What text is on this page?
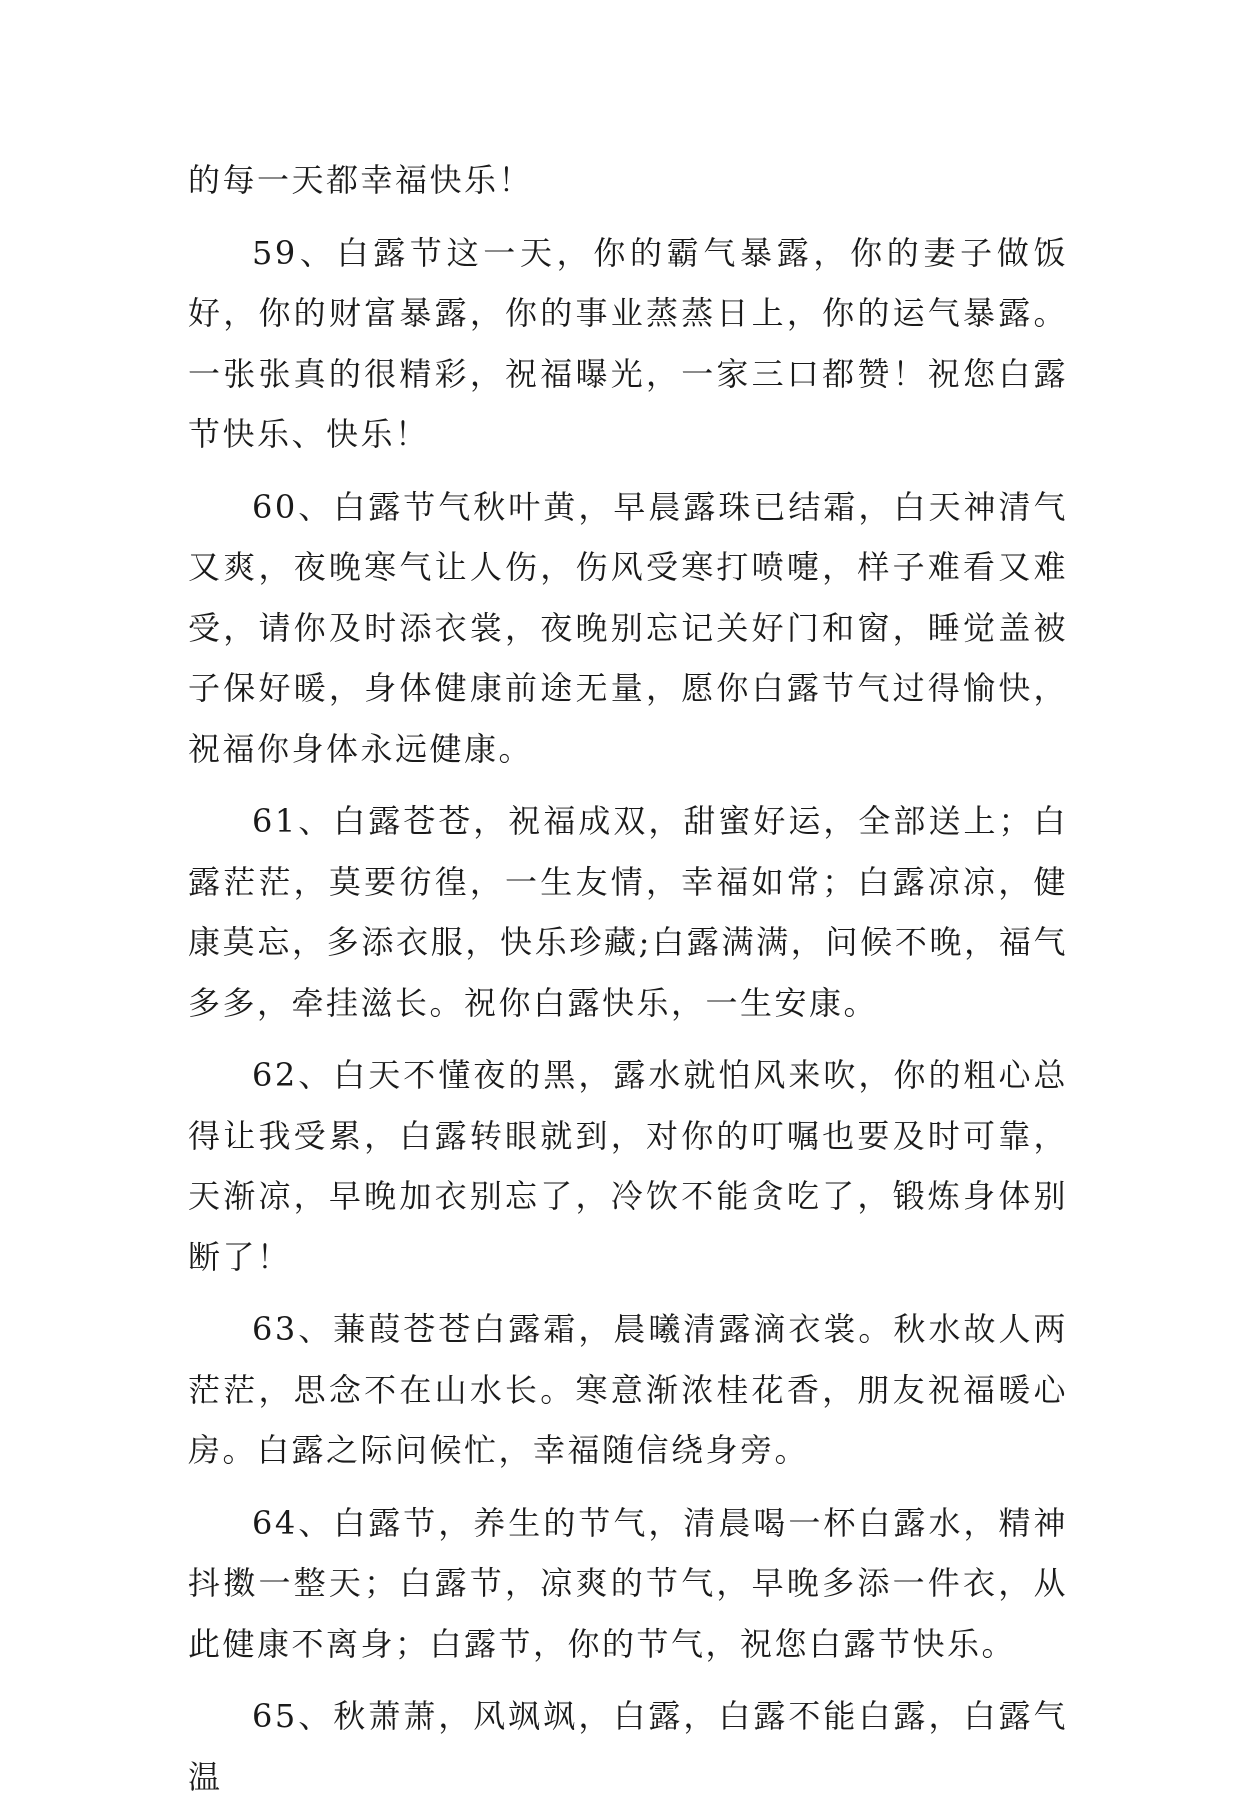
的每一天都幸福快乐！

59、白露节这一天，你的霸气暴露，你的妻子做饭好，你的财富暴露，你的事业蒸蒸日上，你的运气暴露。一张张真的很精彩，祝福曝光，一家三口都赞！祝您白露节快乐、快乐！

60、白露节气秋叶黄，早晨露珠已结霜，白天神清气又爽，夜晚寒气让人伤，伤风受寒打喷嚏，样子难看又难受，请你及时添衣裳，夜晚别忘记关好门和窗，睡觉盖被子保好暖，身体健康前途无量，愿你白露节气过得愉快，祝福你身体永远健康。

61、白露苍苍，祝福成双，甜蜜好运，全部送上；白露茫茫，莫要彷徨，一生友情，幸福如常；白露凉凉，健康莫忘，多添衣服，快乐珍藏;白露满满，问候不晚，福气多多，牵挂滋长。祝你白露快乐，一生安康。

62、白天不懂夜的黑，露水就怕风来吹，你的粗心总得让我受累，白露转眼就到，对你的叮嘱也要及时可靠，天渐凉，早晚加衣别忘了，冷饮不能贪吃了，锻炼身体别断了！

63、蒹葭苍苍白露霜，晨曦清露滴衣裳。秋水故人两茫茫，思念不在山水长。寒意渐浓桂花香，朋友祝福暖心房。白露之际问候忙，幸福随信绕身旁。

64、白露节，养生的节气，清晨喝一杯白露水，精神抖擞一整天；白露节，凉爽的节气，早晚多添一件衣，从此健康不离身；白露节，你的节气，祝您白露节快乐。

65、秋萧萧，风飒飒，白露，白露不能白露，白露气温
